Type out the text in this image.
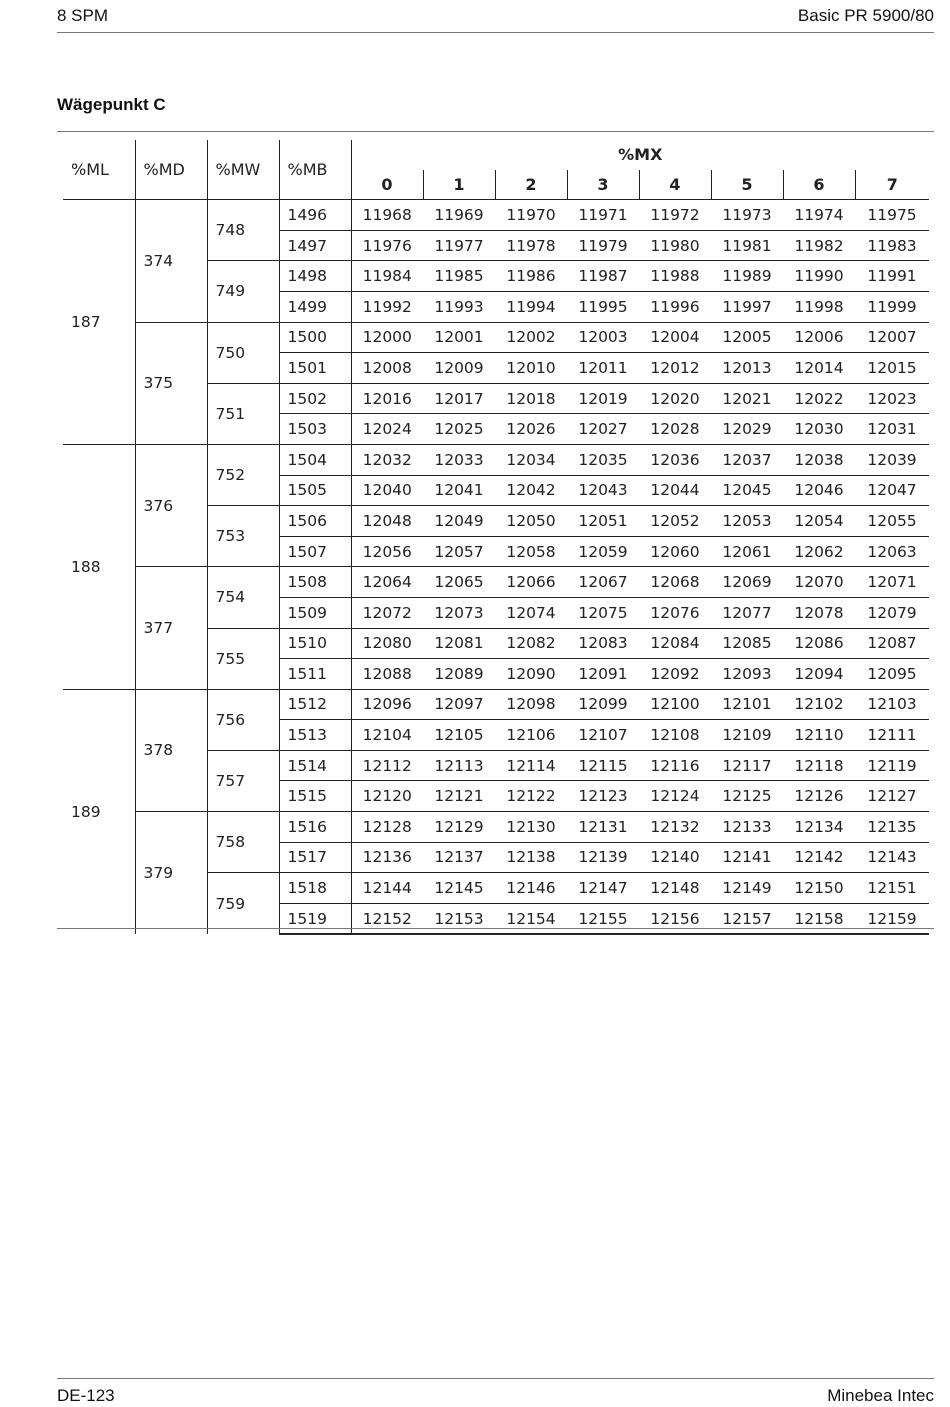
8 SPM	Basic PR 5900/80
Wägepunkt C
%ML	%MD	%MW	%MB	%MX							
				0	1	2	3	4	5	6	7
187	374	748	1496	11968	11969	11970	11971	11972	11973	11974	11975
			1497	11976	11977	11978	11979	11980	11981	11982	11983
		749	1498	11984	11985	11986	11987	11988	11989	11990	11991
			1499	11992	11993	11994	11995	11996	11997	11998	11999
	375	750	1500	12000	12001	12002	12003	12004	12005	12006	12007
			1501	12008	12009	12010	12011	12012	12013	12014	12015
		751	1502	12016	12017	12018	12019	12020	12021	12022	12023
			1503	12024	12025	12026	12027	12028	12029	12030	12031
188	376	752	1504	12032	12033	12034	12035	12036	12037	12038	12039
			1505	12040	12041	12042	12043	12044	12045	12046	12047
		753	1506	12048	12049	12050	12051	12052	12053	12054	12055
			1507	12056	12057	12058	12059	12060	12061	12062	12063
	377	754	1508	12064	12065	12066	12067	12068	12069	12070	12071
			1509	12072	12073	12074	12075	12076	12077	12078	12079
		755	1510	12080	12081	12082	12083	12084	12085	12086	12087
			1511	12088	12089	12090	12091	12092	12093	12094	12095
189	378	756	1512	12096	12097	12098	12099	12100	12101	12102	12103
			1513	12104	12105	12106	12107	12108	12109	12110	12111
		757	1514	12112	12113	12114	12115	12116	12117	12118	12119
			1515	12120	12121	12122	12123	12124	12125	12126	12127
	379	758	1516	12128	12129	12130	12131	12132	12133	12134	12135
			1517	12136	12137	12138	12139	12140	12141	12142	12143
		759	1518	12144	12145	12146	12147	12148	12149	12150	12151
			1519	12152	12153	12154	12155	12156	12157	12158	12159
DE-123	Minebea Intec
